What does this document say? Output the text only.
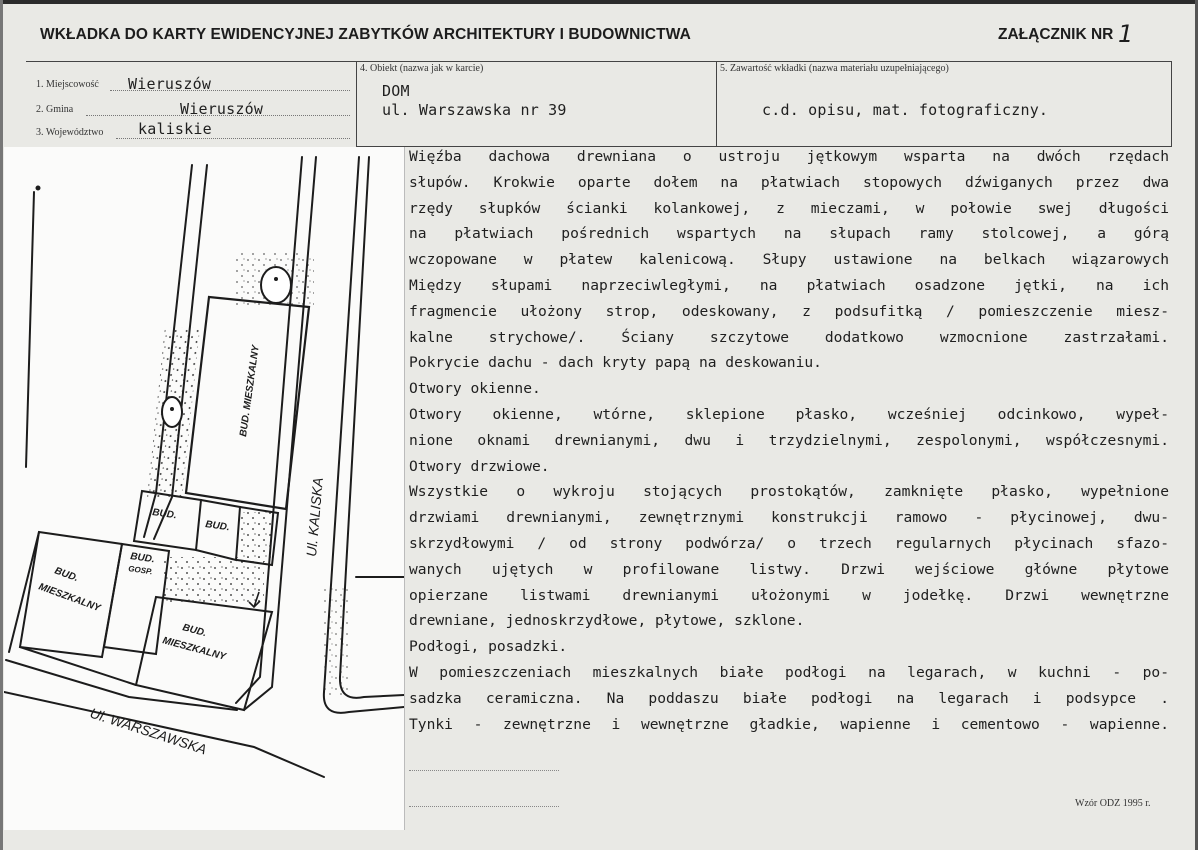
WKŁADKA DO KARTY EWIDENCYJNEJ ZABYTKÓW ARCHITEKTURY I BUDOWNICTWA	ZAŁĄCZNIK NR 1
1. Miejscowość Wieruszów
2. Gmina	Wieruszów
3. Województwo kaliskie
4. Obiekt (nazwa jak w karcie)
DOM
ul. Warszawska nr 39
5. Zawartość wkładki (nazwa materiału uzupełniającego)
c.d. opisu, mat. fotograficzny.
BUD. MIESZKALNY
BUD.
BUD.
BUD.
GOSP.
BUD.
MIESZKALNY
BUD.
MIESZKALNY
Ul. WARSZAWSKA
Ul. KALISKA
Więźba dachowa drewniana o ustroju jętkowym wsparta na dwóch rzędach
słupów. Krokwie oparte dołem na płatwiach stopowych dźwiganych przez dwa
rzędy słupków ścianki kolankowej, z mieczami, w połowie swej długości
na płatwiach pośrednich wspartych na słupach ramy stolcowej, a górą
wczopowane w płatew kalenicową. Słupy ustawione na belkach wiązarowych
Między słupami naprzeciwległymi, na płatwiach osadzone jętki, na ich
fragmencie ułożony strop, odeskowany, z podsufitką / pomieszczenie miesz-
kalne strychowe/. Ściany szczytowe dodatkowo wzmocnione zastrzałami.
Pokrycie dachu - dach kryty papą na deskowaniu.
Otwory okienne.
Otwory okienne, wtórne, sklepione płasko, wcześniej odcinkowo, wypeł-
nione oknami drewnianymi, dwu i trzydzielnymi, zespolonymi, współczesnymi.
Otwory drzwiowe.
Wszystkie o wykroju stojących prostokątów, zamknięte płasko, wypełnione
drzwiami drewnianymi, zewnętrznymi konstrukcji ramowo - płycinowej, dwu-
skrzydłowymi / od strony podwórza/ o trzech regularnych płycinach sfazo-
wanych ujętych w profilowane listwy. Drzwi wejściowe główne płytowe
opierzane listwami drewnianymi ułożonymi w jodełkę. Drzwi wewnętrzne
drewniane, jednoskrzydłowe, płytowe, szklone.
Podłogi, posadzki.
W pomieszczeniach mieszkalnych białe podłogi na legarach, w kuchni - po-
sadzka ceramiczna. Na poddaszu białe podłogi na legarach i podsypce .
Tynki - zewnętrzne i wewnętrzne gładkie, wapienne i cementowo - wapienne.
Wzór ODZ 1995 r.
